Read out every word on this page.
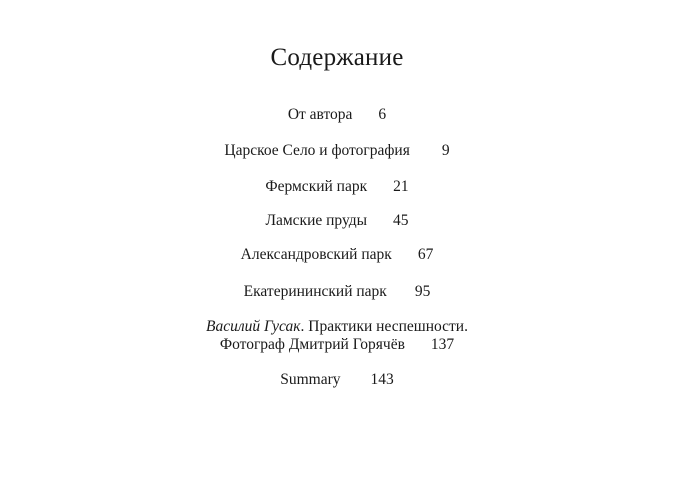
Содержание
От автора 6
Царское Село и фотография 9
Фермский парк 21
Ламские пруды 45
Александровский парк 67
Екатерининский парк 95
Василий Гусак. Практики неспешности.
Фотограф Дмитрий Горячёв 137
Summary 143
